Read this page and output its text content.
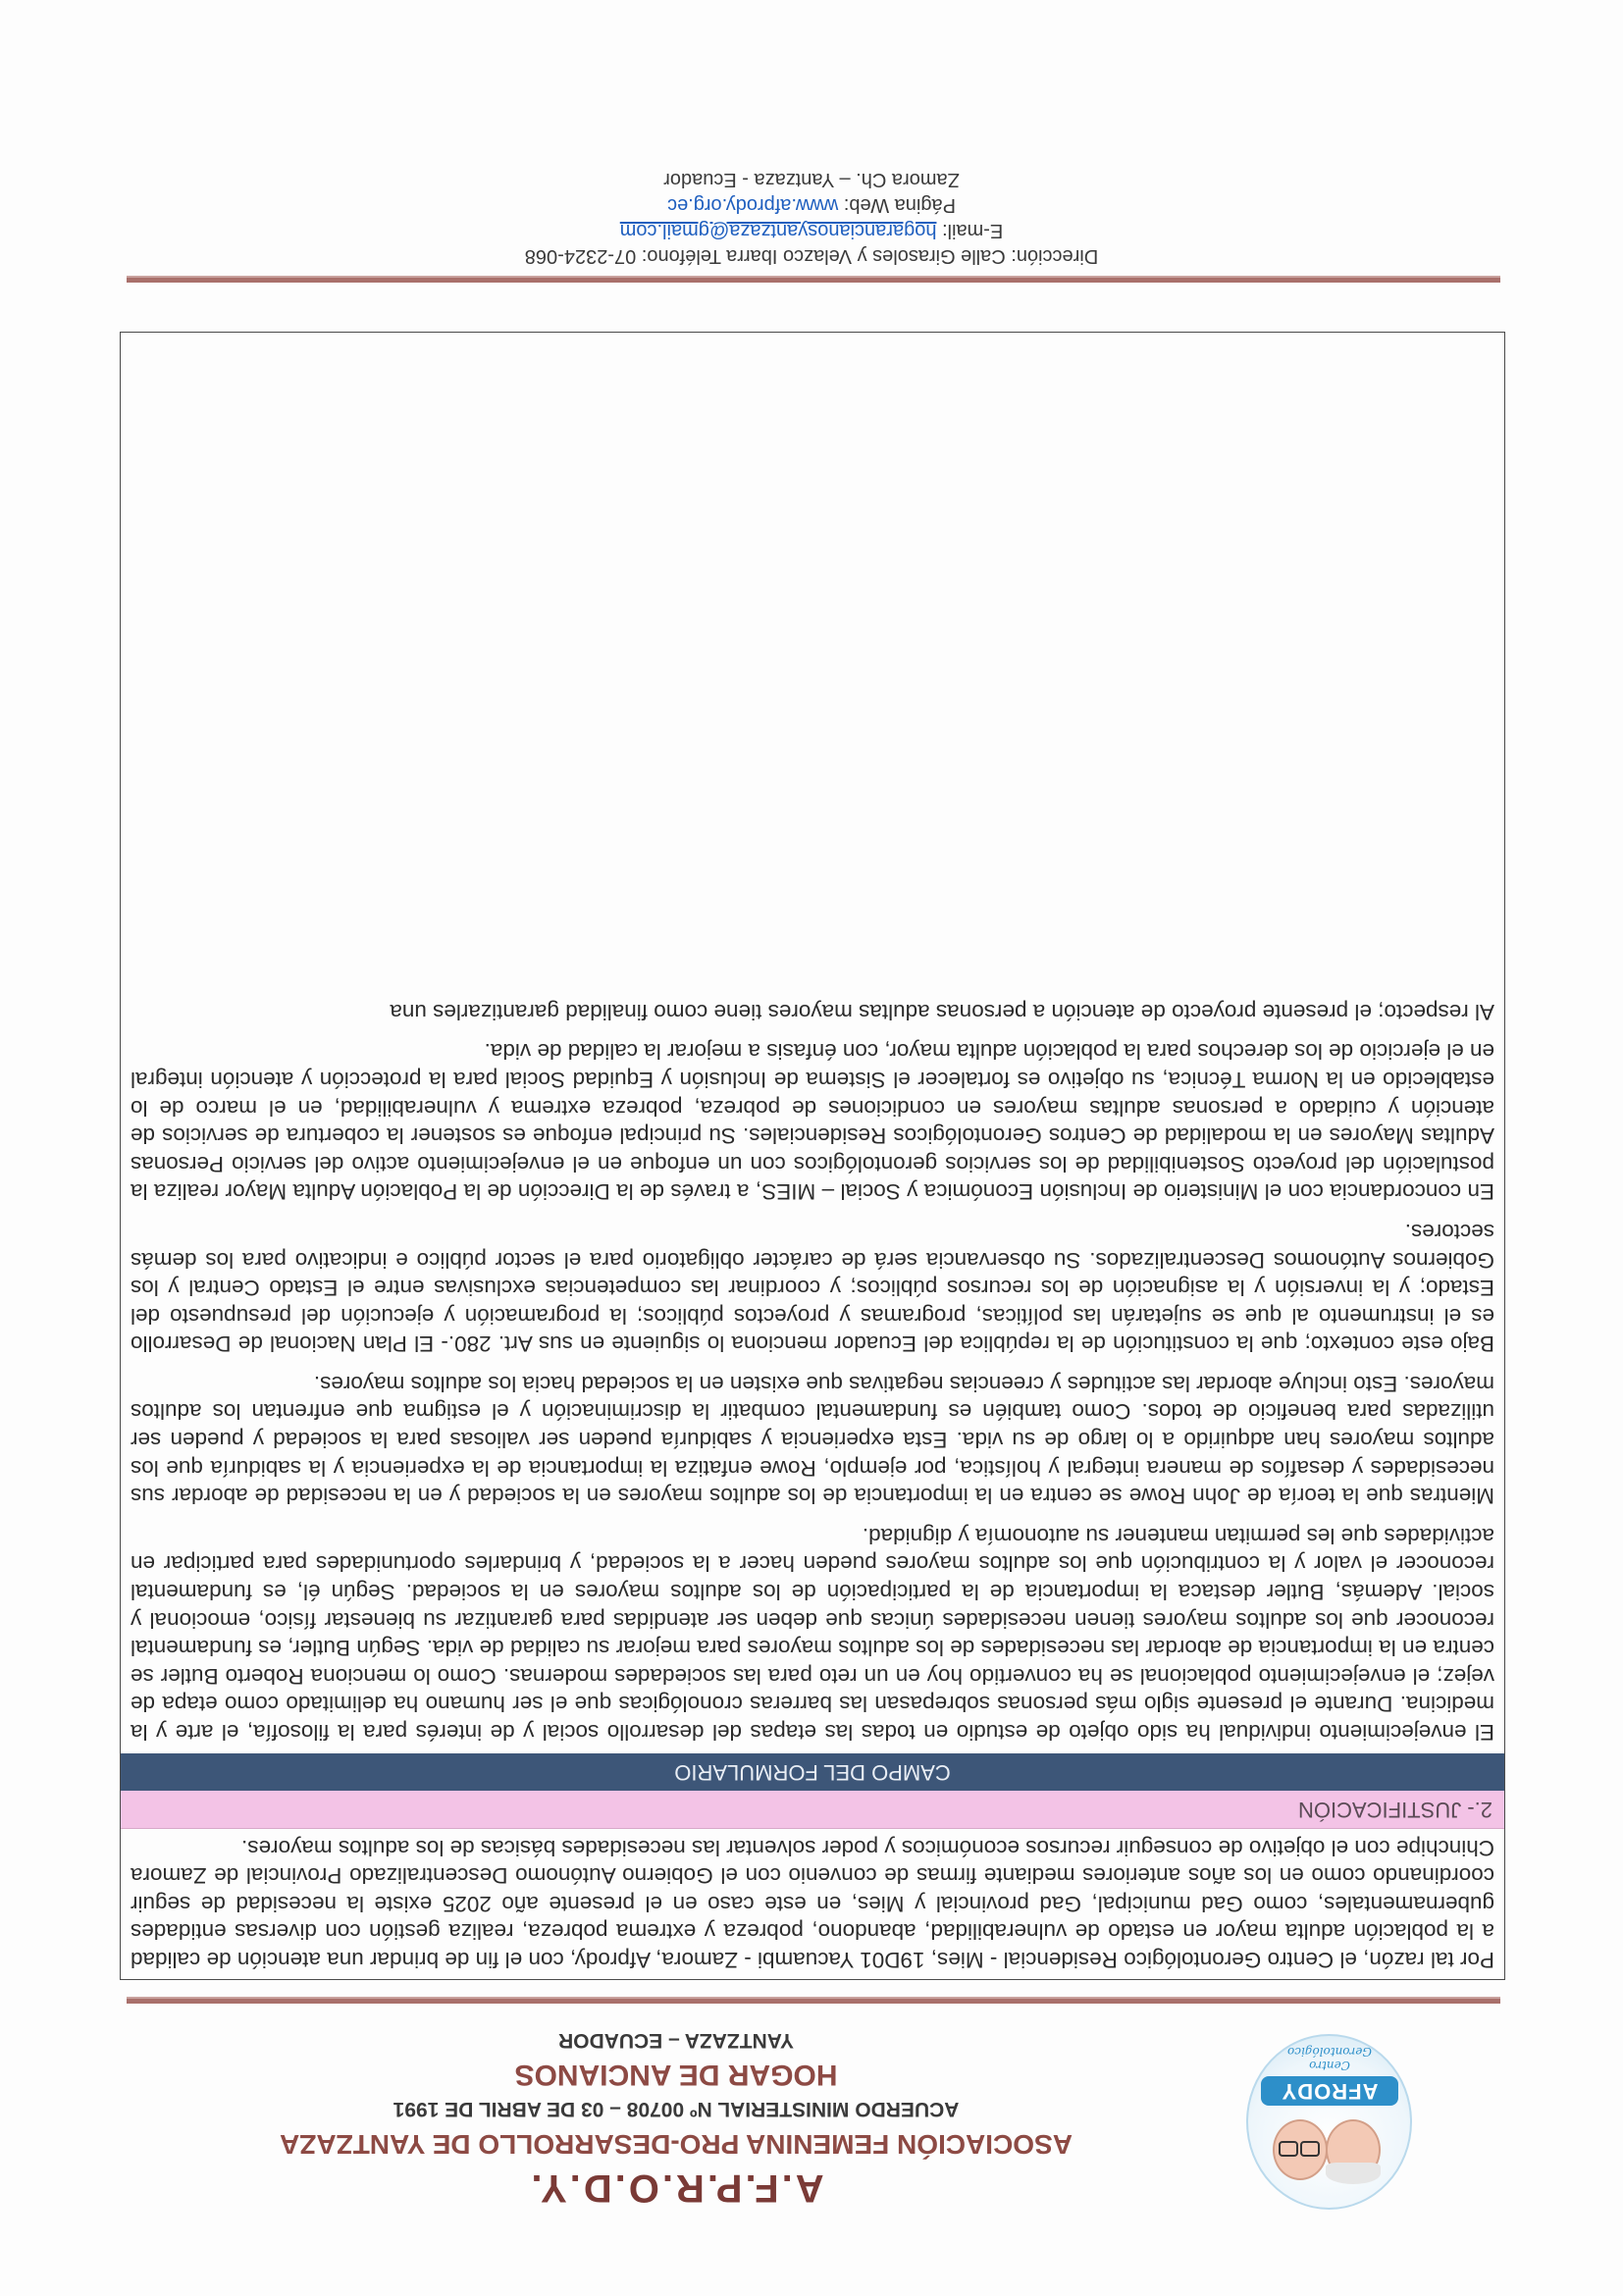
AFRODY
Centro Gerontológico
A.F.P.R.O.D.Y.
ASOCIACIÓN FEMENINA PRO-DESARROLLO DE YANTZAZA
ACUERDO MINISTERIAL Nº 00708 – 03 DE ABRIL DE 1991
HOGAR DE ANCIANOS
YANTZAZA – ECUADOR

Por tal razón, el Centro Gerontológico Residencial - Mies, 19D01 Yacuambi - Zamora, Afprody, con el fin de brindar una atención de calidad a la población adulta mayor en estado de vulnerabilidad, abandono, pobreza y extrema pobreza, realiza gestión con diversas entidades gubernamentales, como Gad municipal, Gad provincial y Mies, en este caso en el presente año 2025 existe la necesidad de seguir coordinando como en los años anteriores mediante firmas de convenio con el Gobierno Autónomo Descentralizado Provincial de Zamora Chinchipe con el objetivo de conseguir recursos económicos y poder solventar las necesidades básicas de los adultos mayores.

2.- JUSTIFICACIÓN
CAMPO DEL FORMULARIO

El envejecimiento individual ha sido objeto de estudio en todas las etapas del desarrollo social y de interés para la filosofía, el arte y la medicina. Durante el presente siglo más personas sobrepasan las barreras cronológicas que el ser humano ha delimitado como etapa de vejez; el envejecimiento poblacional se ha convertido hoy en un reto para las sociedades modernas. Como lo menciona Roberto Butler se centra en la importancia de abordar las necesidades de los adultos mayores para mejorar su calidad de vida. Según Butler, es fundamental reconocer que los adultos mayores tienen necesidades únicas que deben ser atendidas para garantizar su bienestar físico, emocional y social. Además, Butler destaca la importancia de la participación de los adultos mayores en la sociedad. Según él, es fundamental reconocer el valor y la contribución que los adultos mayores pueden hacer a la sociedad, y brindarles oportunidades para participar en actividades que les permitan mantener su autonomía y dignidad.

Mientras que la teoría de John Rowe se centra en la importancia de los adultos mayores en la sociedad y en la necesidad de abordar sus necesidades y desafíos de manera integral y holística, por ejemplo, Rowe enfatiza la importancia de la experiencia y la sabiduría que los adultos mayores han adquirido a lo largo de su vida. Esta experiencia y sabiduría pueden ser valiosas para la sociedad y pueden ser utilizadas para beneficio de todos. Como también es fundamental combatir la discriminación y el estigma que enfrentan los adultos mayores. Esto incluye abordar las actitudes y creencias negativas que existen en la sociedad hacia los adultos mayores.

Bajo este contexto; que la constitución de la república del Ecuador menciona lo siguiente en sus Art. 280.- El Plan Nacional de Desarrollo es el instrumento al que se sujetarán las políticas, programas y proyectos públicos; la programación y ejecución del presupuesto del Estado; y la inversión y la asignación de los recursos públicos; y coordinar las competencias exclusivas entre el Estado Central y los Gobiernos Autónomos Descentralizados. Su observancia será de carácter obligatorio para el sector público e indicativo para los demás sectores.

En concordancia con el Ministerio de Inclusión Económica y Social – MIES, a través de la Dirección de la Población Adulta Mayor realiza la postulación del proyecto Sostenibilidad de los servicios gerontológicos con un enfoque en el envejecimiento activo del servicio Personas Adultas Mayores en la modalidad de Centros Gerontológicos Residenciales. Su principal enfoque es sostener la cobertura de servicios de atención y cuidado a personas adultas mayores en condiciones de pobreza, pobreza extrema y vulnerabilidad, en el marco de lo establecido en la Norma Técnica, su objetivo es fortalecer el Sistema de Inclusión y Equidad Social para la protección y atención integral en el ejercicio de los derechos para la población adulta mayor, con énfasis a mejorar la calidad de vida.

Al respecto; el presente proyecto de atención a personas adultas mayores tiene como finalidad garantizarles una

Dirección: Calle Girasoles y Velazco Ibarra Teléfono: 07-2324-068
E-mail: hogarancianosyantzaza@gmail.com
Página Web: www.afprody.org.ec
Zamora Ch. – Yantzaza - Ecuador
